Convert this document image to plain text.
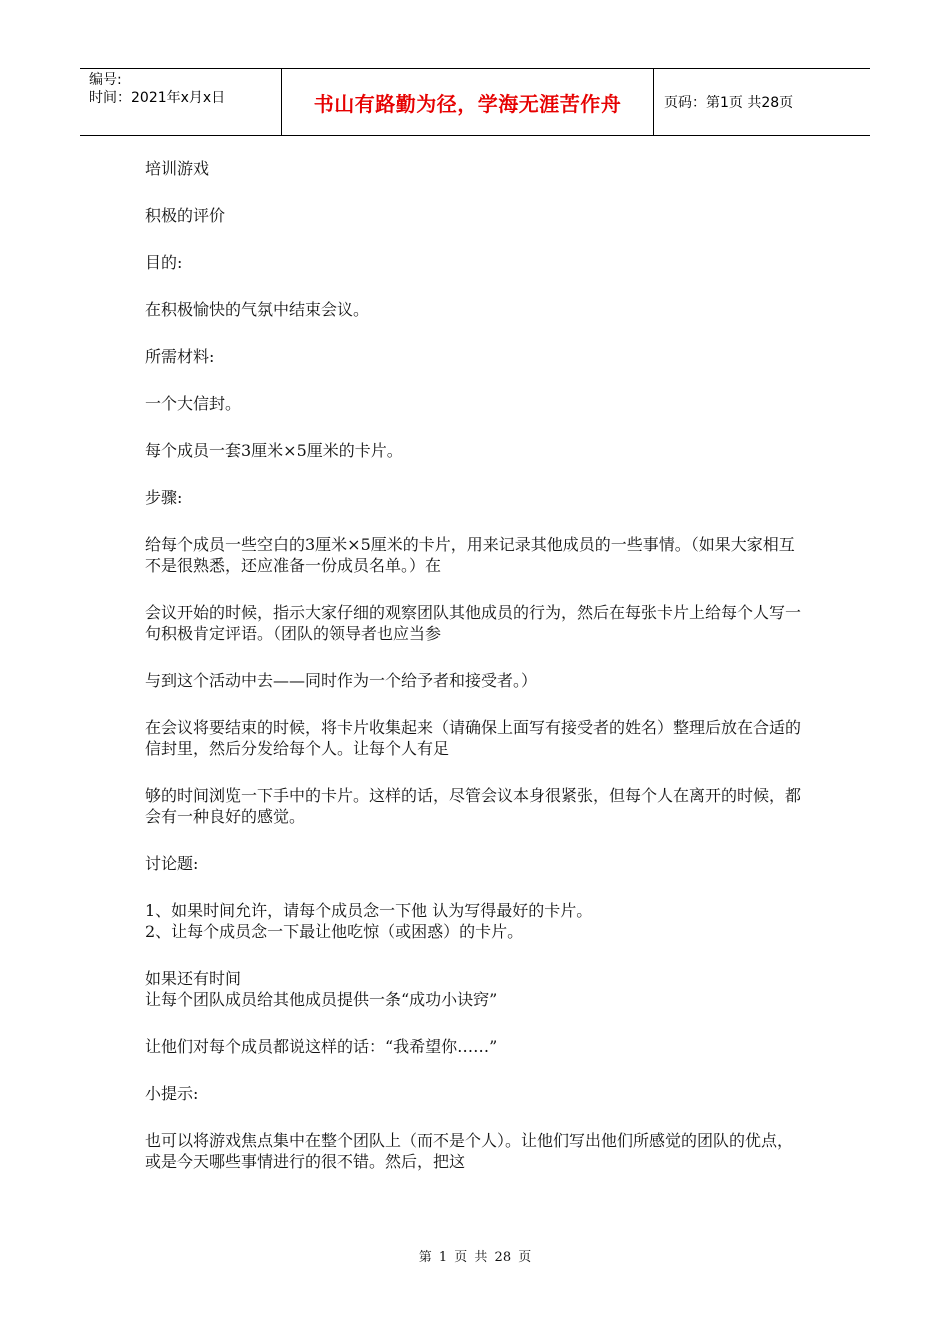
编号:
时间：2021年x月x日	书山有路勤为径，学海无涯苦作舟	页码：第1页 共28页

培训游戏

积极的评价

目的:

在积极愉快的气氛中结束会议。

所需材料:

一个大信封。

每个成员一套3厘米×5厘米的卡片。

步骤:

给每个成员一些空白的3厘米×5厘米的卡片，用来记录其他成员的一些事情。（如果大家相互不是很熟悉，还应准备一份成员名单。）在

会议开始的时候，指示大家仔细的观察团队其他成员的行为，然后在每张卡片上给每个人写一句积极肯定评语。（团队的领导者也应当参

与到这个活动中去——同时作为一个给予者和接受者。）

在会议将要结束的时候，将卡片收集起来（请确保上面写有接受者的姓名）整理后放在合适的信封里，然后分发给每个人。让每个人有足

够的时间浏览一下手中的卡片。这样的话，尽管会议本身很紧张，但每个人在离开的时候，都会有一种良好的感觉。

讨论题:

1、如果时间允许，请每个成员念一下他 认为写得最好的卡片。

2、让每个成员念一下最让他吃惊（或困惑）的卡片。

如果还有时间

让每个团队成员给其他成员提供一条“成功小诀窍”

让他们对每个成员都说这样的话：“我希望你……”

小提示:

也可以将游戏焦点集中在整个团队上（而不是个人）。让他们写出他们所感觉的团队的优点，或是今天哪些事情进行的很不错。然后，把这

第 1 页 共 28 页
